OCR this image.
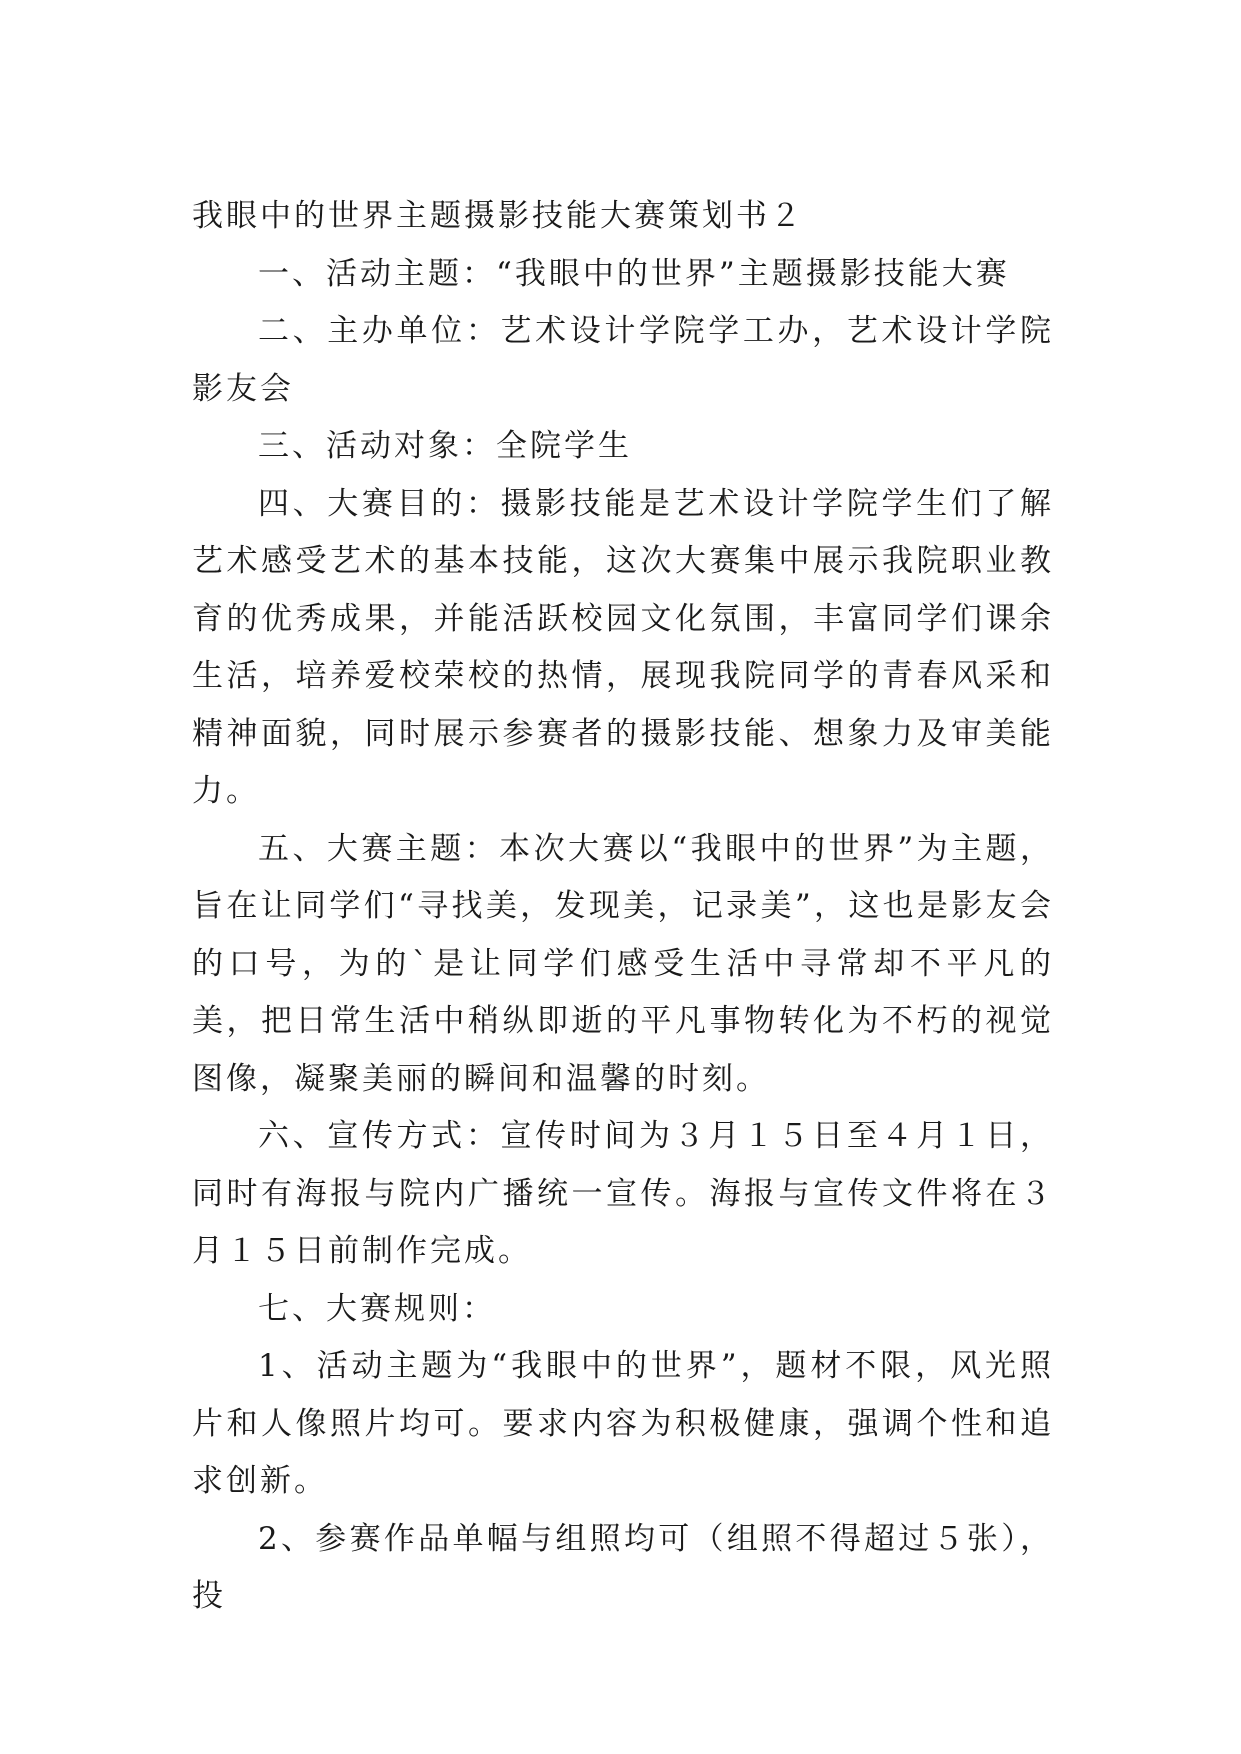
我眼中的世界主题摄影技能大赛策划书２

一、活动主题：“我眼中的世界”主题摄影技能大赛

二、主办单位：艺术设计学院学工办，艺术设计学院影友会

三、活动对象：全院学生

四、大赛目的：摄影技能是艺术设计学院学生们了解艺术感受艺术的基本技能，这次大赛集中展示我院职业教育的优秀成果，并能活跃校园文化氛围，丰富同学们课余生活，培养爱校荣校的热情，展现我院同学的青春风采和精神面貌，同时展示参赛者的摄影技能、想象力及审美能力。

五、大赛主题：本次大赛以“我眼中的世界”为主题，旨在让同学们“寻找美，发现美，记录美”，这也是影友会的口号，为的`是让同学们感受生活中寻常却不平凡的美，把日常生活中稍纵即逝的平凡事物转化为不朽的视觉图像，凝聚美丽的瞬间和温馨的时刻。

六、宣传方式：宣传时间为３月１５日至４月１日，同时有海报与院内广播统一宣传。海报与宣传文件将在３月１５日前制作完成。

七、大赛规则：

1、活动主题为“我眼中的世界”，题材不限，风光照片和人像照片均可。要求内容为积极健康，强调个性和追求创新。

2、参赛作品单幅与组照均可（组照不得超过５张），投
